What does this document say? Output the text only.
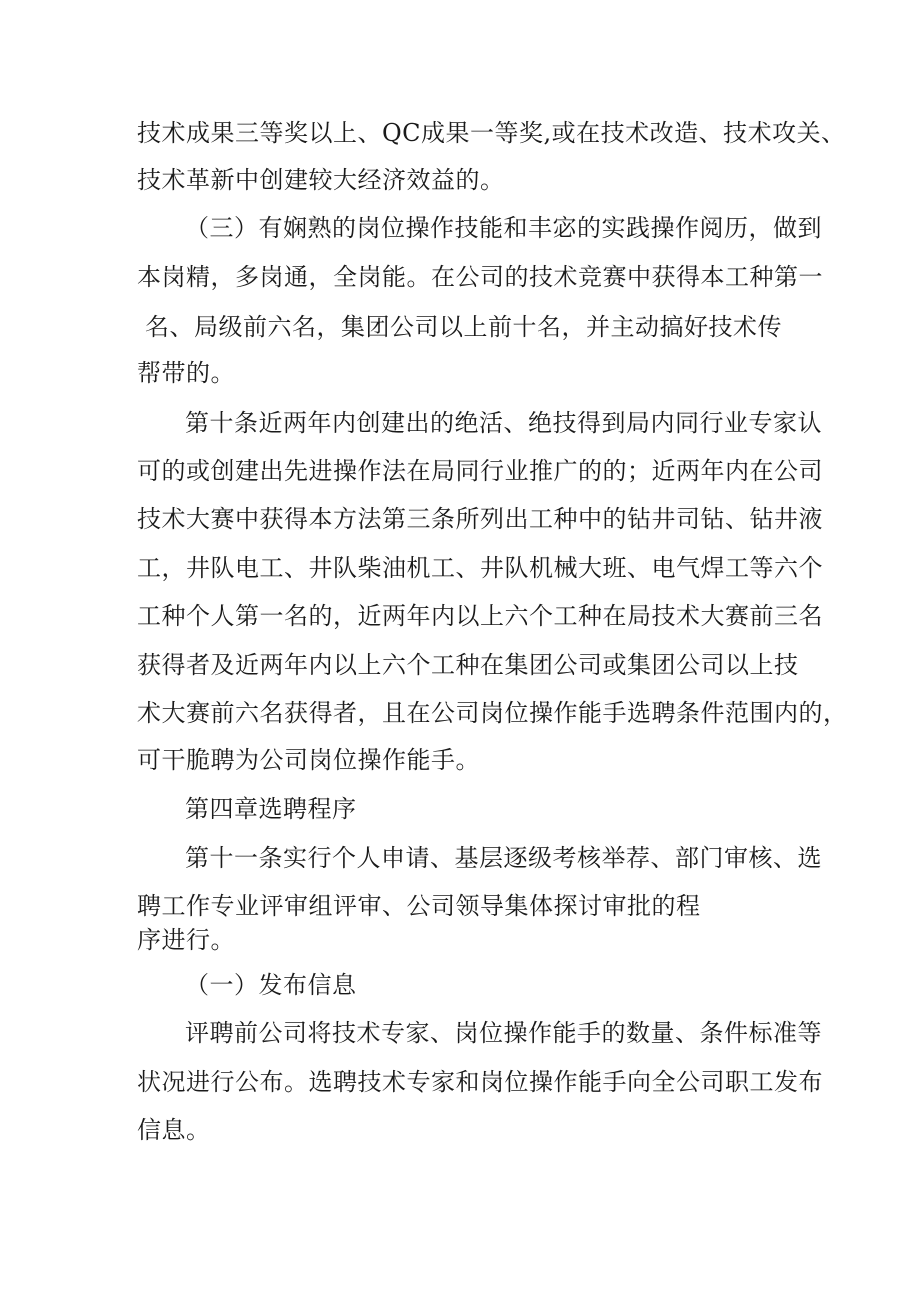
技术成果三等奖以上、QC成果一等奖,或在技术改造、技术攻关、
技术革新中创建较大经济效益的。
（三）有娴熟的岗位操作技能和丰宓的实践操作阅历，做到
本岗精，多岗通，全岗能。在公司的技术竞赛中获得本工种第一
名、局级前六名，集团公司以上前十名，并主动搞好技术传
帮带的。
第十条近两年内创建出的绝活、绝技得到局内同行业专家认
可的或创建出先进操作法在局同行业推广的的；近两年内在公司
技术大赛中获得本方法第三条所列出工种中的钻井司钻、钻井液
工，井队电工、井队柴油机工、井队机械大班、电气焊工等六个
工种个人第一名的，近两年内以上六个工种在局技术大赛前三名
获得者及近两年内以上六个工种在集团公司或集团公司以上技
术大赛前六名获得者，且在公司岗位操作能手选聘条件范围内的，
可干脆聘为公司岗位操作能手。
第四章选聘程序
第十一条实行个人申请、基层逐级考核举荐、部门审核、选
聘工作专业评审组评审、公司领导集体探讨审批的程
序进行。
（一）发布信息
评聘前公司将技术专家、岗位操作能手的数量、条件标准等
状况进行公布。选聘技术专家和岗位操作能手向全公司职工发布
信息。
